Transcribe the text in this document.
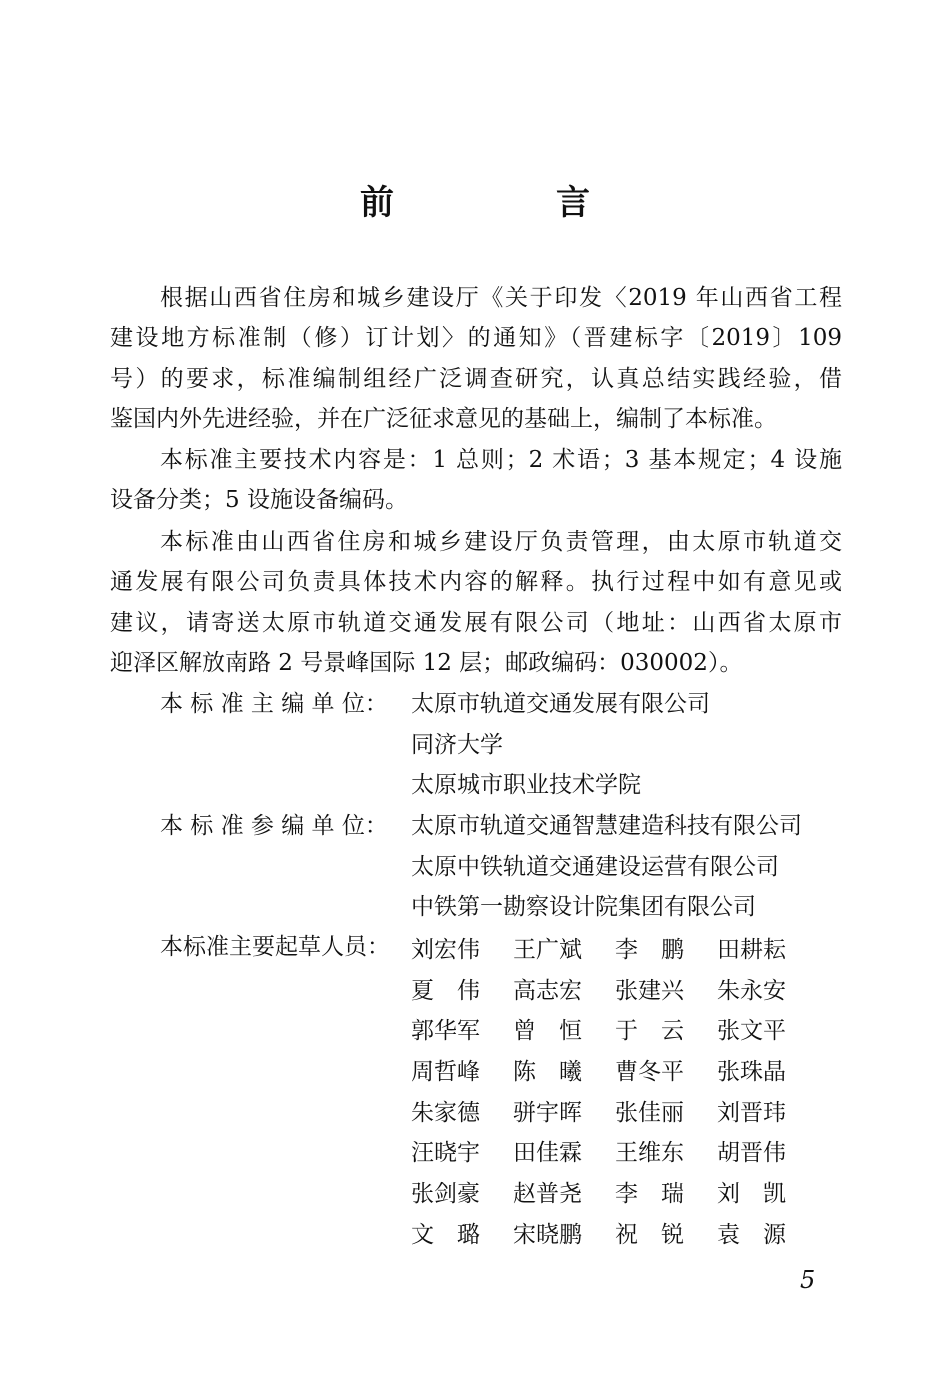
前　言
根据山西省住房和城乡建设厅《关于印发〈2019 年山西省工程
建设地方标准制（修）订计划〉的通知》（晋建标字〔2019〕109
号）的要求，标准编制组经广泛调查研究，认真总结实践经验，借
鉴国内外先进经验，并在广泛征求意见的基础上，编制了本标准。
本标准主要技术内容是：1 总则；2 术语；3 基本规定；4 设施
设备分类；5 设施设备编码。
本标准由山西省住房和城乡建设厅负责管理，由太原市轨道交
通发展有限公司负责具体技术内容的解释。执行过程中如有意见或
建议，请寄送太原市轨道交通发展有限公司（地址：山西省太原市
迎泽区解放南路 2 号景峰国际 12 层；邮政编码：030002）。
本 标 准 主 编 单 位：	太原市轨道交通发展有限公司
同济大学
太原城市职业技术学院
本 标 准 参 编 单 位：	太原市轨道交通智慧建造科技有限公司
太原中铁轨道交通建设运营有限公司
中铁第一勘察设计院集团有限公司
本标准主要起草人员： 刘宏伟	王广斌	李　鹏	田耕耘
夏　伟	高志宏	张建兴	朱永安
郭华军	曾　恒	于　云	张文平
周哲峰	陈　曦	曹冬平	张珠晶
朱家德	骈宇晖	张佳丽	刘晋玮
汪晓宇	田佳霖	王维东	胡晋伟
张剑豪	赵普尧	李　瑞	刘　凯
文　璐	宋晓鹏	祝　锐	袁　源
5
